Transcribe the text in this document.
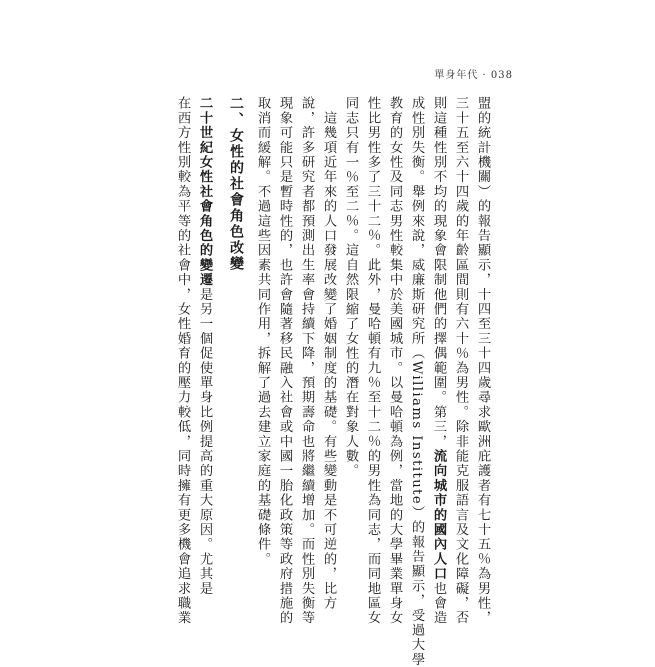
單身年代 · 038
盟的統計機關）的報告顯示，十四至三十四歲尋求歐洲庇護者有七十五％為男性，
三十五至六十四歲的年齡區間則有六十％為男性。除非能克服語言及文化障礙，否
則這種性別不均的現象會限制他們的擇偶範圍。第三，流向城市的國內人口也會造
成性別失衡。舉例來說，威廉斯研究所（Williams Institute）的報告顯示，受過大學
教育的女性及同志男性較集中於美國城市。以曼哈頓為例，當地的大學畢業單身女
性比男性多了三十二％。此外，曼哈頓有九％至十二％的男性為同志，而同地區女
同志只有一％至二％。這自然限縮了女性的潛在對象人數。
　這幾項近年來的人口發展改變了婚姻制度的基礎。有些變動是不可逆的，比方
說，許多研究者都預測出生率會持續下降，預期壽命也將繼續增加。而性別失衡等
現象可能只是暫時性的，也許會隨著移民融入社會或中國一胎化政策等政府措施的
取消而緩解。不過這些因素共同作用，拆解了過去建立家庭的基礎條件。
二、女性的社會角色改變
二十世紀女性社會角色的變遷是另一個促使單身比例提高的重大原因。尤其是
在西方性別較為平等的社會中，女性婚育的壓力較低，同時擁有更多機會追求職業
